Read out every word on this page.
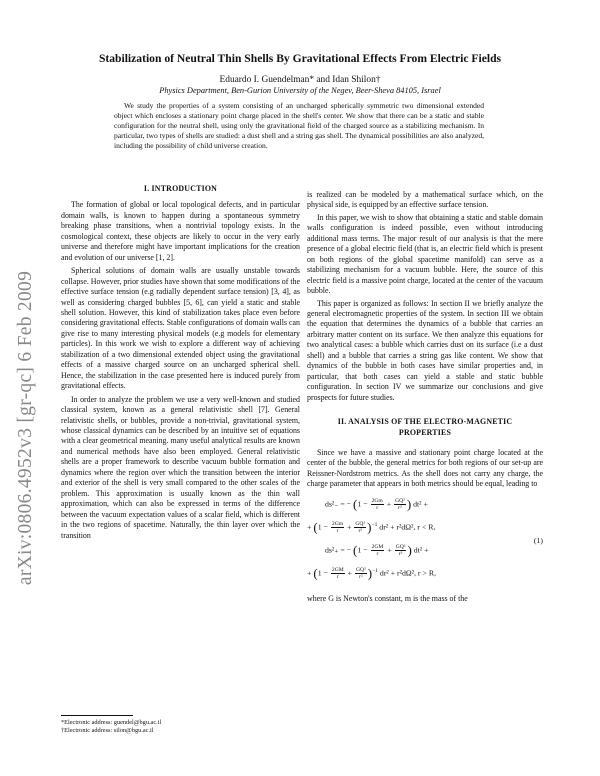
arXiv:0806.4952v3 [gr-qc] 6 Feb 2009
Stabilization of Neutral Thin Shells By Gravitational Effects From Electric Fields
Eduardo I. Guendelman* and Idan Shilon†
Physics Department, Ben-Gurion University of the Negev, Beer-Sheva 84105, Israel
We study the properties of a system consisting of an uncharged spherically symmetric two dimensional extended object which encloses a stationary point charge placed in the shell's center. We show that there can be a static and stable configuration for the neutral shell, using only the gravitational field of the charged source as a stabilizing mechanism. In particular, two types of shells are studied: a dust shell and a string gas shell. The dynamical possibilities are also analyzed, including the possibility of child universe creation.

I. INTRODUCTION

The formation of global or local topological defects, and in particular domain walls, is known to happen during a spontaneous symmetry breaking phase transitions, when a nontrivial topology exists. In the cosmological context, these objects are likely to occur in the very early universe and therefore might have important implications for the creation and evolution of our universe [1, 2].

Spherical solutions of domain walls are usually unstable towards collapse. However, prior studies have shown that some modifications of the effective surface tension (e.g radially dependent surface tension) [3, 4], as well as considering charged bubbles [5, 6], can yield a static and stable shell solution. However, this kind of stabilization takes place even before considering gravitational effects. Stable configurations of domain walls can give rise to many interesting physical models (e.g models for elementary particles). In this work we wish to explore a different way of achieving stabilization of a two dimensional extended object using the gravitational effects of a massive charged source on an uncharged spherical shell. Hence, the stabilization in the case presented here is induced purely from gravitational effects.

In order to analyze the problem we use a very well-known and studied classical system, known as a general relativistic shell [7]. General relativistic shells, or bubbles, provide a non-trivial, gravitational system, whose classical dynamics can be described by an intuitive set of equations with a clear geometrical meaning. many useful analytical results are known and numerical methods have also been employed. General relativistic shells are a proper framework to describe vacuum bubble formation and dynamics where the region over which the transition between the interior and exterior of the shell is very small compared to the other scales of the problem. This approximation is usually known as the thin wall approximation, which can also be expressed in terms of the difference between the vacuum expectation values of a scalar field, which is different in the two regions of spacetime. Naturally, the thin layer over which the transition

is realized can be modeled by a mathematical surface which, on the physical side, is equipped by an effective surface tension.

In this paper, we wish to show that obtaining a static and stable domain walls configuration is indeed possible, even without introducing additional mass terms. The major result of our analysis is that the mere presence of a global electric field (that is, an electric field which is present on both regions of the global spacetime manifold) can serve as a stabilizing mechanism for a vacuum bubble. Here, the source of this electric field is a massive point charge, located at the center of the vacuum bubble.

This paper is organized as follows: In section II we briefly analyze the general electromagnetic properties of the system. In section III we obtain the equation that determines the dynamics of a bubble that carries an arbitrary matter content on its surface. We then analyze this equations for two analytical cases: a bubble which carries dust on its surface (i.e a dust shell) and a bubble that carries a string gas like content. We show that dynamics of the bubble in both cases have similar properties and, in particular, that both cases can yield a stable and static bubble configuration. In section IV we summarize our conclusions and give prospects for future studies.

II. ANALYSIS OF THE ELECTRO-MAGNETIC PROPERTIES

Since we have a massive and stationary point charge located at the center of the bubble, the general metrics for both regions of our set-up are Reissner-Nordstrom metrics. As the shell does not carry any charge, the charge parameter that appears in both metrics should be equal, leading to

ds²₋ = − ($1 - \frac{2Gm}{r} + \frac{\text{GQ²}}{\text{r²}}$ ) dt² +
+ $(1 - \frac{2Gm}{r} + \frac{\text{GQ²}}{\text{r²}} )^{-1}$ dr² + r²dΩ², r < R,
ds²₊ = − ($1 - \frac{2GM}{r} + \frac{\text{GQ²}}{\text{r²}}$ ) dt² +
+ $(1 - \frac{2GM}{r} + \frac{\text{GQ²}}{\text{r²}} )^{-1}$ dr² + r²dΩ², r > R,
(1)

where G is Newton's constant, m is the mass of the

*Electronic address: guendel@bgu.ac.il
†Electronic address: silon@bgu.ac.il
